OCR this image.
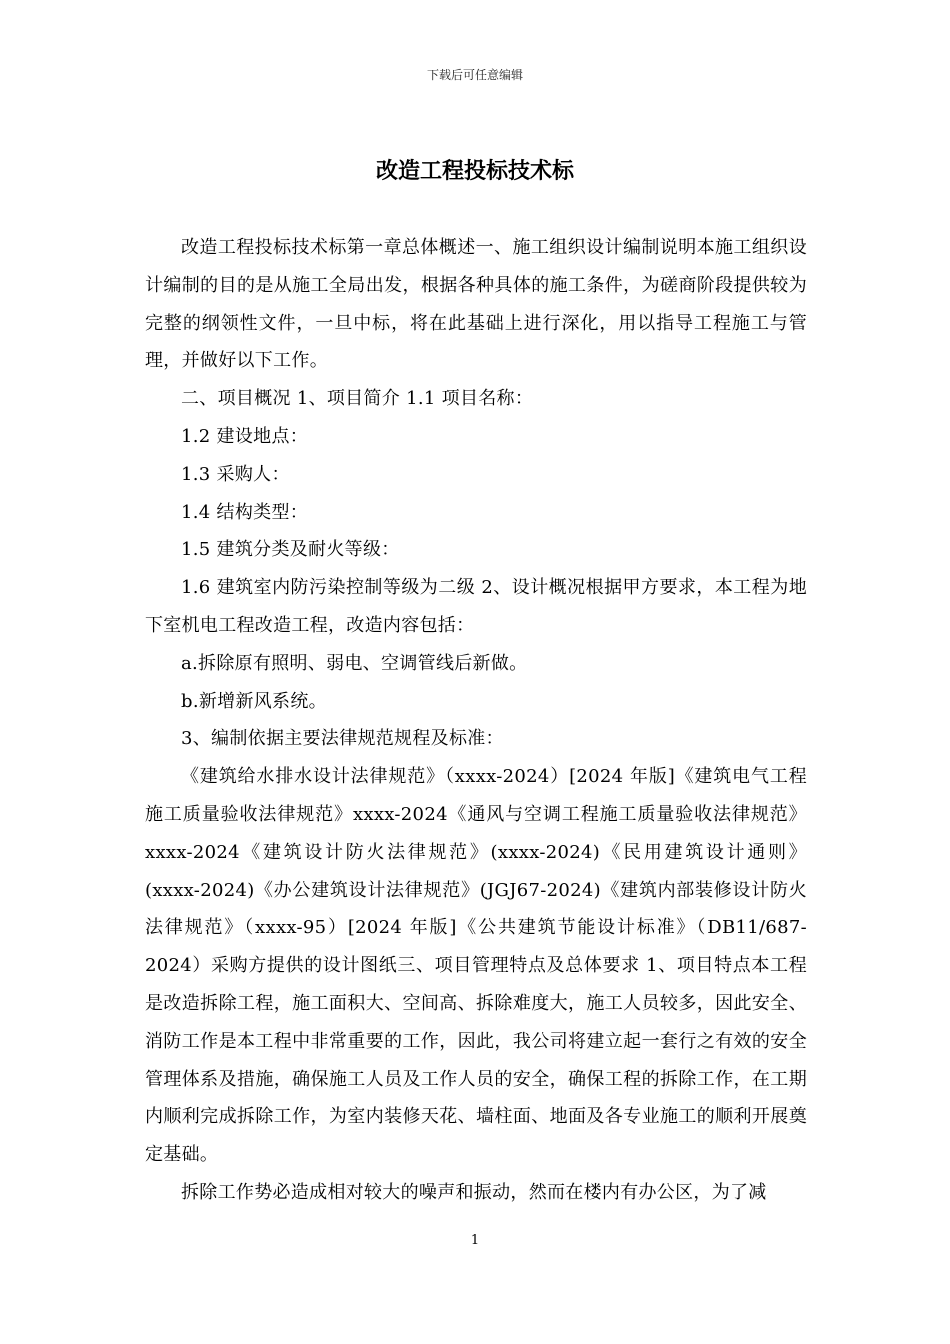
下载后可任意编辑
改造工程投标技术标

改造工程投标技术标第一章总体概述一、施工组织设计编制说明本施工组织设计编制的目的是从施工全局出发，根据各种具体的施工条件，为磋商阶段提供较为完整的纲领性文件，一旦中标，将在此基础上进行深化，用以指导工程施工与管理，并做好以下工作。

二、项目概况 1、项目简介 1.1 项目名称：

1.2 建设地点：

1.3 采购人：

1.4 结构类型：

1.5 建筑分类及耐火等级：

1.6 建筑室内防污染控制等级为二级 2、设计概况根据甲方要求，本工程为地下室机电工程改造工程，改造内容包括：

a.拆除原有照明、弱电、空调管线后新做。

b.新增新风系统。

3、编制依据主要法律规范规程及标准：

《建筑给水排水设计法律规范》（xxxx-2024）[2024 年版]《建筑电气工程施工质量验收法律规范》xxxx-2024《通风与空调工程施工质量验收法律规范》xxxx-2024《建筑设计防火法律规范》(xxxx-2024)《民用建筑设计通则》(xxxx-2024)《办公建筑设计法律规范》(JGJ67-2024)《建筑内部装修设计防火法律规范》（xxxx-95）[2024 年版]《公共建筑节能设计标准》（DB11/687-2024）采购方提供的设计图纸三、项目管理特点及总体要求 1、项目特点本工程是改造拆除工程，施工面积大、空间高、拆除难度大，施工人员较多，因此安全、消防工作是本工程中非常重要的工作，因此，我公司将建立起一套行之有效的安全管理体系及措施，确保施工人员及工作人员的安全，确保工程的拆除工作，在工期内顺利完成拆除工作，为室内装修天花、墙柱面、地面及各专业施工的顺利开展奠定基础。

拆除工作势必造成相对较大的噪声和振动，然而在楼内有办公区，为了减

1
